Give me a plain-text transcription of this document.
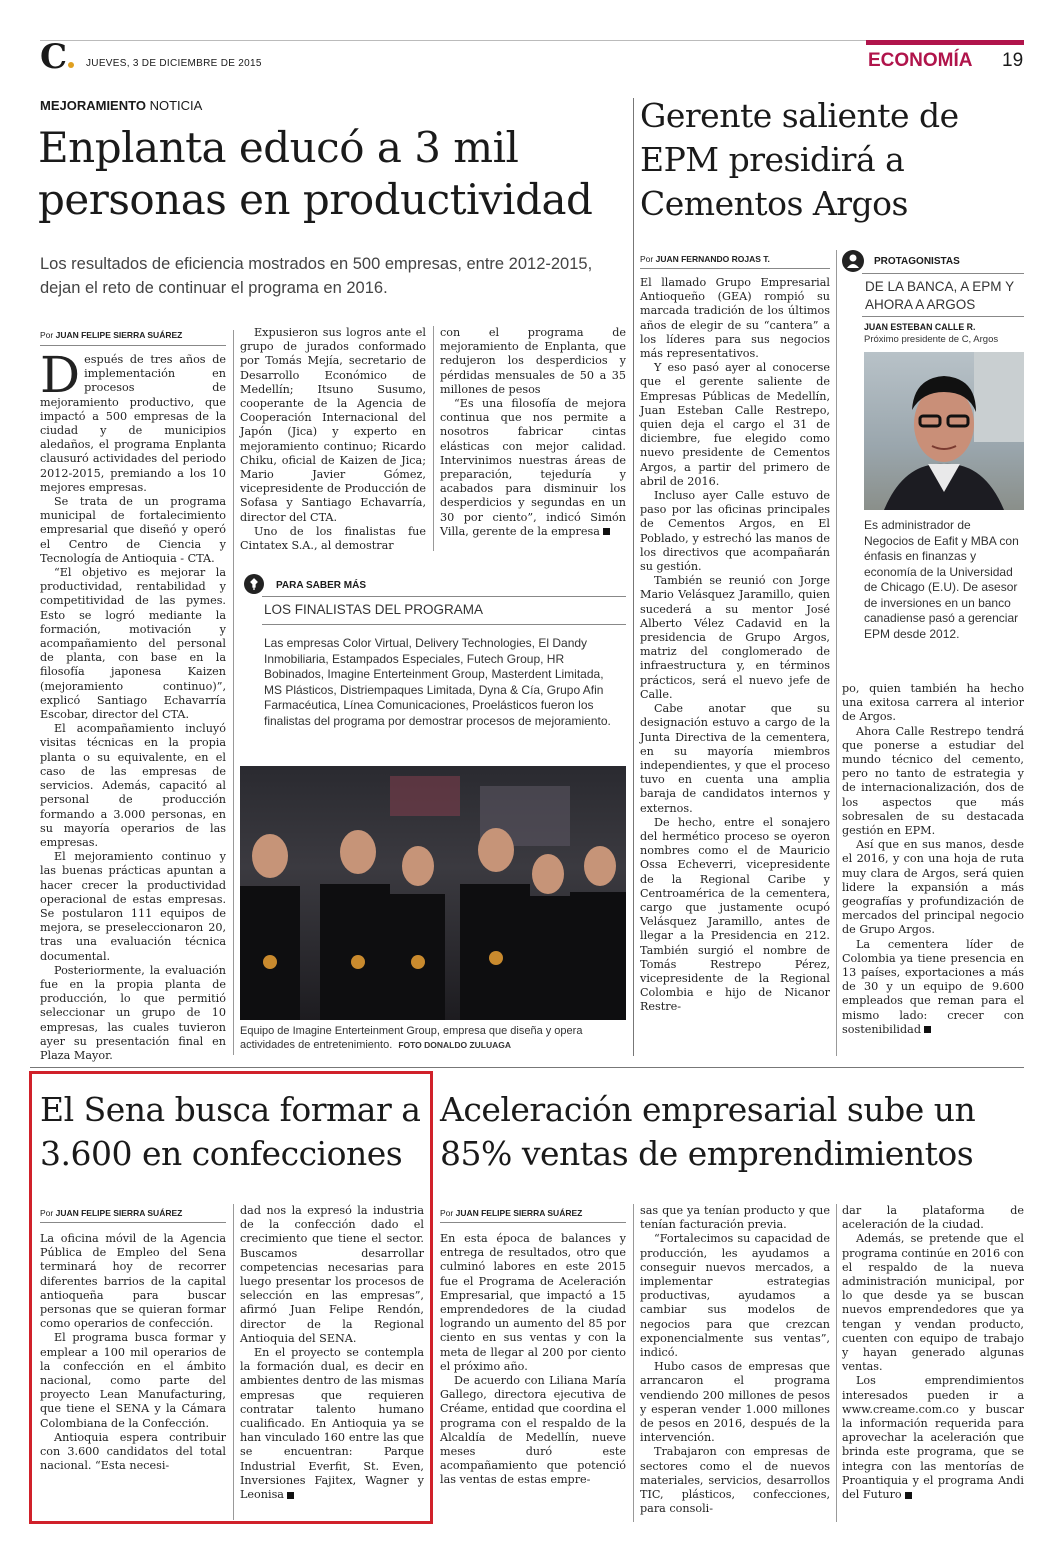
C	JUEVES, 3 DE DICIEMBRE DE 2015	ECONOMÍA 19
MEJORAMIENTO NOTICIA
Enplanta educó a 3 mil personas en productividad
Los resultados de eficiencia mostrados en 500 empresas, entre 2012-2015, dejan el reto de continuar el programa en 2016.
Por JUAN FELIPE SIERRA SUÁREZ
D espués de tres años de implementación en procesos de mejoramiento productivo, que impactó a 500 empresas de la ciudad y de municipios aledaños, el programa Enplanta clausuró actividades del periodo 2012-2015, premiando a los 10 mejores empresas.

Se trata de un programa municipal de fortalecimiento empresarial que diseñó y operó el Centro de Ciencia y Tecnología de Antioquia - CTA.

“El objetivo es mejorar la productividad, rentabilidad y competitividad de las pymes. Esto se logró mediante la formación, motivación y acompañamiento del personal de planta, con base en la filosofía japonesa Kaizen (mejoramiento continuo)”, explicó Santiago Echavarría Escobar, director del CTA.

El acompañamiento incluyó visitas técnicas en la propia planta o su equivalente, en el caso de las empresas de servicios. Además, capacitó al personal de producción formando a 3.000 personas, en su mayoría operarios de las empresas.

El mejoramiento continuo y las buenas prácticas apuntan a hacer crecer la productividad operacional de estas empresas. Se postularon 111 equipos de mejora, se preseleccionaron 20, tras una evaluación técnica documental.

Posteriormente, la evaluación fue en la propia planta de producción, lo que permitió seleccionar un grupo de 10 empresas, las cuales tuvieron ayer su presentación final en Plaza Mayor.

Expusieron sus logros ante el grupo de jurados conformado por Tomás Mejía, secretario de Desarrollo Económico de Medellín; Itsuno Susumo, cooperante de la Agencia de Cooperación Internacional del Japón (Jica) y experto en mejoramiento continuo; Ricardo Chiku, oficial de Kaizen de Jica; Mario Javier Gómez, vicepresidente de Producción de Sofasa y Santiago Echavarría, director del CTA.

Uno de los finalistas fue Cintatex S.A., al demostrar

con el programa de mejoramiento de Enplanta, que redujeron los desperdicios y pérdidas mensuales de 50 a 35 millones de pesos

“Es una filosofía de mejora continua que nos permite a nosotros fabricar cintas elásticas con mejor calidad. Intervinimos nuestras áreas de preparación, tejeduría y acabados para disminuir los desperdicios y segundas en un 30 por ciento”, indicó Simón Villa, gerente de la empresa

PARA SABER MÁS
LOS FINALISTAS DEL PROGRAMA
Las empresas Color Virtual, Delivery Technologies, El Dandy Inmobiliaria, Estampados Especiales, Futech Group, HR Bobinados, Imagine Enterteinment Group, Masterdent Limitada, MS Plásticos, Distriempaques Limitada, Dyna & Cía, Grupo Afin Farmacéutica, Línea Comunicaciones, Proelásticos fueron los finalistas del programa por demostrar procesos de mejoramiento.
Equipo de Imagine Enterteinment Group, empresa que diseña y opera actividades de entretenimiento. FOTO DONALDO ZULUAGA
Gerente saliente de EPM presidirá a Cementos Argos
Por JUAN FERNANDO ROJAS T.

El llamado Grupo Empresarial Antioqueño (GEA) rompió su marcada tradición de los últimos años de elegir de su “cantera” a los líderes para sus negocios más representativos.

Y eso pasó ayer al conocerse que el gerente saliente de Empresas Públicas de Medellín, Juan Esteban Calle Restrepo, quien deja el cargo el 31 de diciembre, fue elegido como nuevo presidente de Cementos Argos, a partir del primero de abril de 2016.

Incluso ayer Calle estuvo de paso por las oficinas principales de Cementos Argos, en El Poblado, y estrechó las manos de los directivos que acompañarán su gestión.

También se reunió con Jorge Mario Velásquez Jaramillo, quien sucederá a su mentor José Alberto Vélez Cadavid en la presidencia de Grupo Argos, matriz del conglomerado de infraestructura y, en términos prácticos, será el nuevo jefe de Calle.

Cabe anotar que su designación estuvo a cargo de la Junta Directiva de la cementera, en su mayoría miembros independientes, y que el proceso tuvo en cuenta una amplia baraja de candidatos internos y externos.

De hecho, entre el sonajero del hermético proceso se oyeron nombres como el de Mauricio Ossa Echeverri, vicepresidente de la Regional Caribe y Centroamérica de la cementera, cargo que justamente ocupó Velásquez Jaramillo, antes de llegar a la Presidencia en 212. También surgió el nombre de Tomás Restrepo Pérez, vicepresidente de la Regional Colombia e hijo de Nicanor Restre-

PROTAGONISTAS
DE LA BANCA, A EPM Y AHORA A ARGOS
JUAN ESTEBAN CALLE R.
Próximo presidente de C, Argos
Es administrador de Negocios de Eafit y MBA con énfasis en finanzas y economía de la Universidad de Chicago (E.U). De asesor de inversiones en un banco canadiense pasó a gerenciar EPM desde 2012.

po, quien también ha hecho una exitosa carrera al interior de Argos.

Ahora Calle Restrepo tendrá que ponerse a estudiar del mundo técnico del cemento, pero no tanto de estrategia y de internacionalización, dos de los aspectos que más sobresalen de su destacada gestión en EPM.

Así que en sus manos, desde el 2016, y con una hoja de ruta muy clara de Argos, será quien lidere la expansión a más geografías y profundización de mercados del principal negocio de Grupo Argos.

La cementera líder de Colombia ya tiene presencia en 13 países, exportaciones a más de 30 y un equipo de 9.600 empleados que reman para el mismo lado: crecer con sostenibilidad

El Sena busca formar a 3.600 en confecciones
Por JUAN FELIPE SIERRA SUÁREZ

La oficina móvil de la Agencia Pública de Empleo del Sena terminará hoy de recorrer diferentes barrios de la capital antioqueña para buscar personas que se quieran formar como operarios de confección.

El programa busca formar y emplear a 100 mil operarios de la confección en el ámbito nacional, como parte del proyecto Lean Manufacturing, que tiene el SENA y la Cámara Colombiana de la Confección.

Antioquia espera contribuir con 3.600 candidatos del total nacional. “Esta necesi-

dad nos la expresó la industria de la confección dado el crecimiento que tiene el sector. Buscamos desarrollar competencias necesarias para luego presentar los procesos de selección en las empresas”, afirmó Juan Felipe Rendón, director de la Regional Antioquia del SENA.

En el proyecto se contempla la formación dual, es decir en ambientes dentro de las mismas empresas que requieren contratar talento humano cualificado. En Antioquia ya se han vinculado 160 entre las que se encuentran: Parque Industrial Everfit, St. Even, Inversiones Fajitex, Wagner y Leonisa

Aceleración empresarial sube un 85% ventas de emprendimientos
Por JUAN FELIPE SIERRA SUÁREZ

En esta época de balances y entrega de resultados, otro que culminó labores en este 2015 fue el Programa de Aceleración Empresarial, que impactó a 15 emprendedores de la ciudad logrando un aumento del 85 por ciento en sus ventas y con la meta de llegar al 200 por ciento el próximo año.

De acuerdo con Liliana María Gallego, directora ejecutiva de Créame, entidad que coordina el programa con el respaldo de la Alcaldía de Medellín, nueve meses duró este acompañamiento que potenció las ventas de estas empre-

sas que ya tenían producto y que tenían facturación previa.

“Fortalecimos su capacidad de producción, les ayudamos a conseguir nuevos mercados, a implementar estrategias productivas, ayudamos a cambiar sus modelos de negocios para que crezcan exponencialmente sus ventas”, indicó.

Hubo casos de empresas que arrancaron el programa vendiendo 200 millones de pesos y esperan vender 1.000 millones de pesos en 2016, después de la intervención.

Trabajaron con empresas de sectores como el de nuevos materiales, servicios, desarrollos TIC, plásticos, confecciones, para consoli-

dar la plataforma de aceleración de la ciudad.

Además, se pretende que el programa continúe en 2016 con el respaldo de la nueva administración municipal, por lo que desde ya se buscan nuevos emprendedores que ya tengan y vendan producto, cuenten con equipo de trabajo y hayan generado algunas ventas.

Los emprendimientos interesados pueden ir a www.creame.com.co y buscar la información requerida para aprovechar la aceleración que brinda este programa, que se integra con las mentorías de Proantiquia y el programa Andi del Futuro
